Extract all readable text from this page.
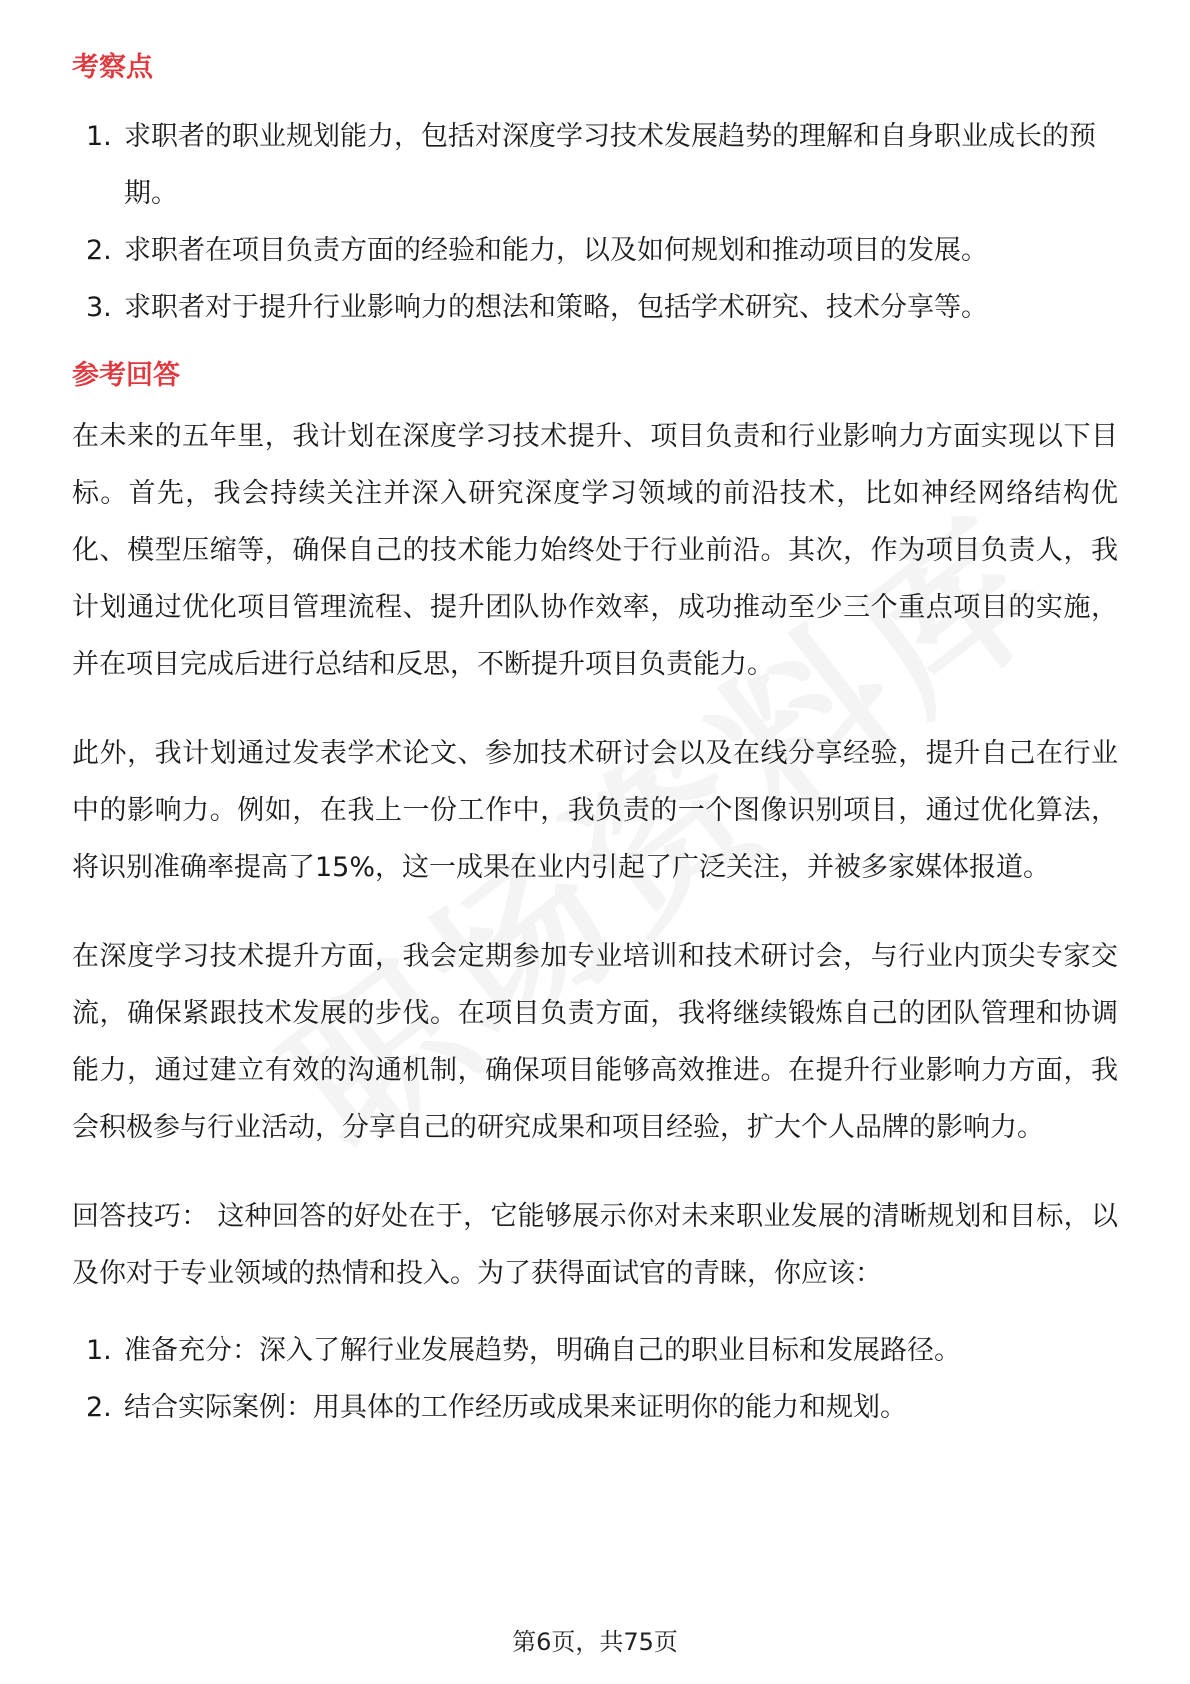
考察点
1. 求职者的职业规划能力，包括对深度学习技术发展趋势的理解和自身职业成长的预期。
2. 求职者在项目负责方面的经验和能力，以及如何规划和推动项目的发展。
3. 求职者对于提升行业影响力的想法和策略，包括学术研究、技术分享等。
参考回答

在未来的五年里，我计划在深度学习技术提升、项目负责和行业影响力方面实现以下目标。首先，我会持续关注并深入研究深度学习领域的前沿技术，比如神经网络结构优化、模型压缩等，确保自己的技术能力始终处于行业前沿。其次，作为项目负责人，我计划通过优化项目管理流程、提升团队协作效率，成功推动至少三个重点项目的实施，并在项目完成后进行总结和反思，不断提升项目负责能力。

此外，我计划通过发表学术论文、参加技术研讨会以及在线分享经验，提升自己在行业中的影响力。例如，在我上一份工作中，我负责的一个图像识别项目，通过优化算法，将识别准确率提高了15%，这一成果在业内引起了广泛关注，并被多家媒体报道。

在深度学习技术提升方面，我会定期参加专业培训和技术研讨会，与行业内顶尖专家交流，确保紧跟技术发展的步伐。在项目负责方面，我将继续锻炼自己的团队管理和协调能力，通过建立有效的沟通机制，确保项目能够高效推进。在提升行业影响力方面，我会积极参与行业活动，分享自己的研究成果和项目经验，扩大个人品牌的影响力。

回答技巧： 这种回答的好处在于，它能够展示你对未来职业发展的清晰规划和目标，以及你对于专业领域的热情和投入。为了获得面试官的青睐，你应该：

1. 准备充分：深入了解行业发展趋势，明确自己的职业目标和发展路径。
2. 结合实际案例：用具体的工作经历或成果来证明你的能力和规划。
第6页，共75页
